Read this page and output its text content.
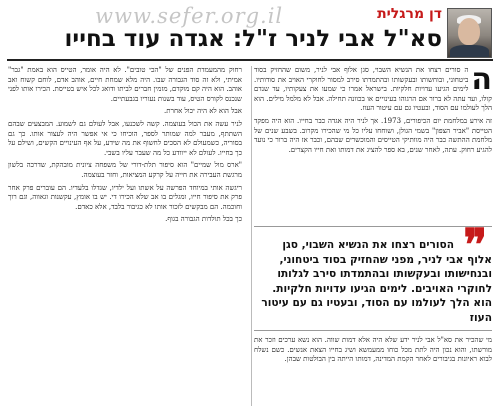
www.sefer.org.il	דן מרגלית
סא"ל אבי לניר ז"ל: אגדה עוד בחייו

ה
ה סורים רצחו את הנשיא השבוי, סגן אלוף אבי לניר, משום שהחזיק בסוד ביטחוני, ובוחשותו ובעקשותו ובהתמדתו סירב למסור לחוקרי האויב את סודותיו. לימים הגיעו עדויות חלקיות. בישראל אמרו כי שמעו את צעקותיו, עד שנדם קולו, ועד עתה לא ברור אם הרגוהו בעינויים או בכוונה תחילה. אבל לא מלמל מילים. הוא הלך לעולמו עם הסוד, ובעטיו גם עם עיטור העוז.

זה אירע במלחמת יום הכיפורים, 1973. אך לניר היה אגדה כבר בחייו. הוא היה מפקד הטייסת "אביר הצפון" בשמי הגולן, ושוחחו עליו כל מי שהכירו מקרוב. בשבע שנים של מלחמת ההתשה כבר היה מוותיקי הטייסים והמוכשרים שבהם, וכבר אז היה ברור כי נועד להגיע רחוק. עתה, לאחר שנים, בא ספר להציג את דמותו ואת חייו הקצרים.

❞
הסורים רצחו את הנשיא השבוי, סגן אלוף אבי לניר, מפני שהחזיק בסוד ביטחוני, ובנחישותו ובעקשותו ובהתמדתו סירב לגלותו לחוקרי האויבים. לימים הגיעו עדויות חלקיות. הוא הלך לעולמו עם הסוד, ובעטיו גם עם עיטור העוז

מי שהכיר את סא"ל אבי לניר ידע שלא היה אלא דמות שווה. הוא נשא ערכים וזכר את מורשתו, והוא נכון היה לתת מכל כוחו ממעמשא ושיג בחייו הצאת אנשים. כשם נשלח לבוא ראיונות בגיבורים לאחר הקמת המדינה, דמותו הייתה בין הבולטות שבהן.

רחוק מהמעמדת הפנים של "הכי טובים". לא היה אומר, הטייס הוא באמת "גבר" אמיתי, ולא זה סוד הגבורה שבו. היה מלא שמחת חיים, אוהב אדם, לוחם קשוח ואב אוהב. הוא היה קם מוקדם, מזמין חברים לביתו ודואג לכל איש בטייסת. הכירו אותו לפני שנכנס לקורס הטיס, עוד בשנות נעוריו בגבעתיים.

אבל הוא לא היה יכול אחרת.

לניר עשה את הכול בעוצמה. קשה לשכנעו, אבל לעולם גם לשמוע. המבצעים שבהם השתתף, מעבר למה שמותר לספר, הוכיחו כי אי אפשר היה לעצור אותו. כך גם בסוריה, כשמעולם לא הסכים לחשוף את מה שידע, על אף העינויים הקשים, ושילם על כך בחייו. לעולם לא ייוודע כל מה שעבר עליו בשבי.

"ארס מול שמיים" הוא סיפור תלת-דורי של משפחה ציונית מובהקת, שדרכה בלשון מרגשת העבירה את חייה על קרקע המציאות, וחזר בעוצמה.

ריגשה אותי במיוחד הפרשה על אשתו ועל ילדיו, שגדלו בלעדיו. הם עוברים פרק אחר פרק את סיפור חייו, ומגלים בו אב שלא הכירו די. יש בו אומץ, עקשנות וגאווה, וגם רוך וחוכמה. הם מבקשים לזכור אותו לא כגיבור בלבד, אלא כאדם.

כך בכל תולדות הגבורה בגוף.
